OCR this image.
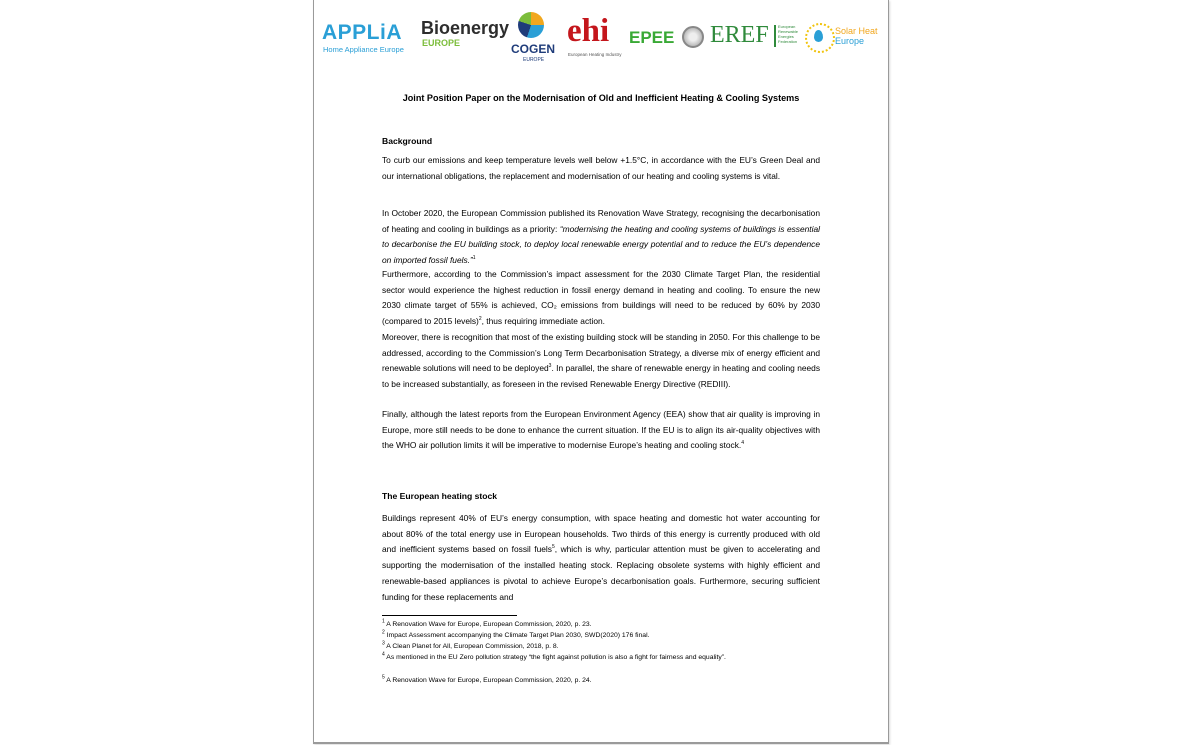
APPLiA
Home Appliance Europe
Bioenergy
EUROPE	COGEN
EUROPE
ehi
European Heating Industry
EPEE EREF European Renewable Energies Federation
Solar Heat
Europe
Joint Position Paper on the Modernisation of Old and Inefficient Heating & Cooling Systems
Background

To curb our emissions and keep temperature levels well below +1.5°C, in accordance with the EU’s Green Deal and our international obligations, the replacement and modernisation of our heating and cooling systems is vital.

In October 2020, the European Commission published its Renovation Wave Strategy, recognising the decarbonisation of heating and cooling in buildings as a priority: “modernising the heating and cooling systems of buildings is essential to decarbonise the EU building stock, to deploy local renewable energy potential and to reduce the EU’s dependence on imported fossil fuels.”$^1$

Furthermore, according to the Commission’s impact assessment for the 2030 Climate Target Plan, the residential sector would experience the highest reduction in fossil energy demand in heating and cooling. To ensure the new 2030 climate target of 55% is achieved, CO₂ emissions from buildings will need to be reduced by 60% by 2030 (compared to 2015 levels)$^2$, thus requiring immediate action.

Moreover, there is recognition that most of the existing building stock will be standing in 2050. For this challenge to be addressed, according to the Commission’s Long Term Decarbonisation Strategy, a diverse mix of energy efficient and renewable solutions will need to be deployed$^3$. In parallel, the share of renewable energy in heating and cooling needs to be increased substantially, as foreseen in the revised Renewable Energy Directive (REDIII).

Finally, although the latest reports from the European Environment Agency (EEA) show that air quality is improving in Europe, more still needs to be done to enhance the current situation. If the EU is to align its air-quality objectives with the WHO air pollution limits it will be imperative to modernise Europe’s heating and cooling stock.$^4$

The European heating stock

Buildings represent 40% of EU’s energy consumption, with space heating and domestic hot water accounting for about 80% of the total energy use in European households. Two thirds of this energy is currently produced with old and inefficient systems based on fossil fuels$^5$, which is why, particular attention must be given to accelerating and supporting the modernisation of the installed heating stock. Replacing obsolete systems with highly efficient and renewable-based appliances is pivotal to achieve Europe’s decarbonisation goals. Furthermore, securing sufficient funding for these replacements and

$^1$ A Renovation Wave for Europe, European Commission, 2020, p. 23.

$^2$ Impact Assessment accompanying the Climate Target Plan 2030, SWD(2020) 176 final.

$^3$ A Clean Planet for All, European Commission, 2018, p. 8.

$^4$ As mentioned in the EU Zero pollution strategy “the fight against pollution is also a fight for fairness and equality”.

$^5$ A Renovation Wave for Europe, European Commission, 2020, p. 24.
